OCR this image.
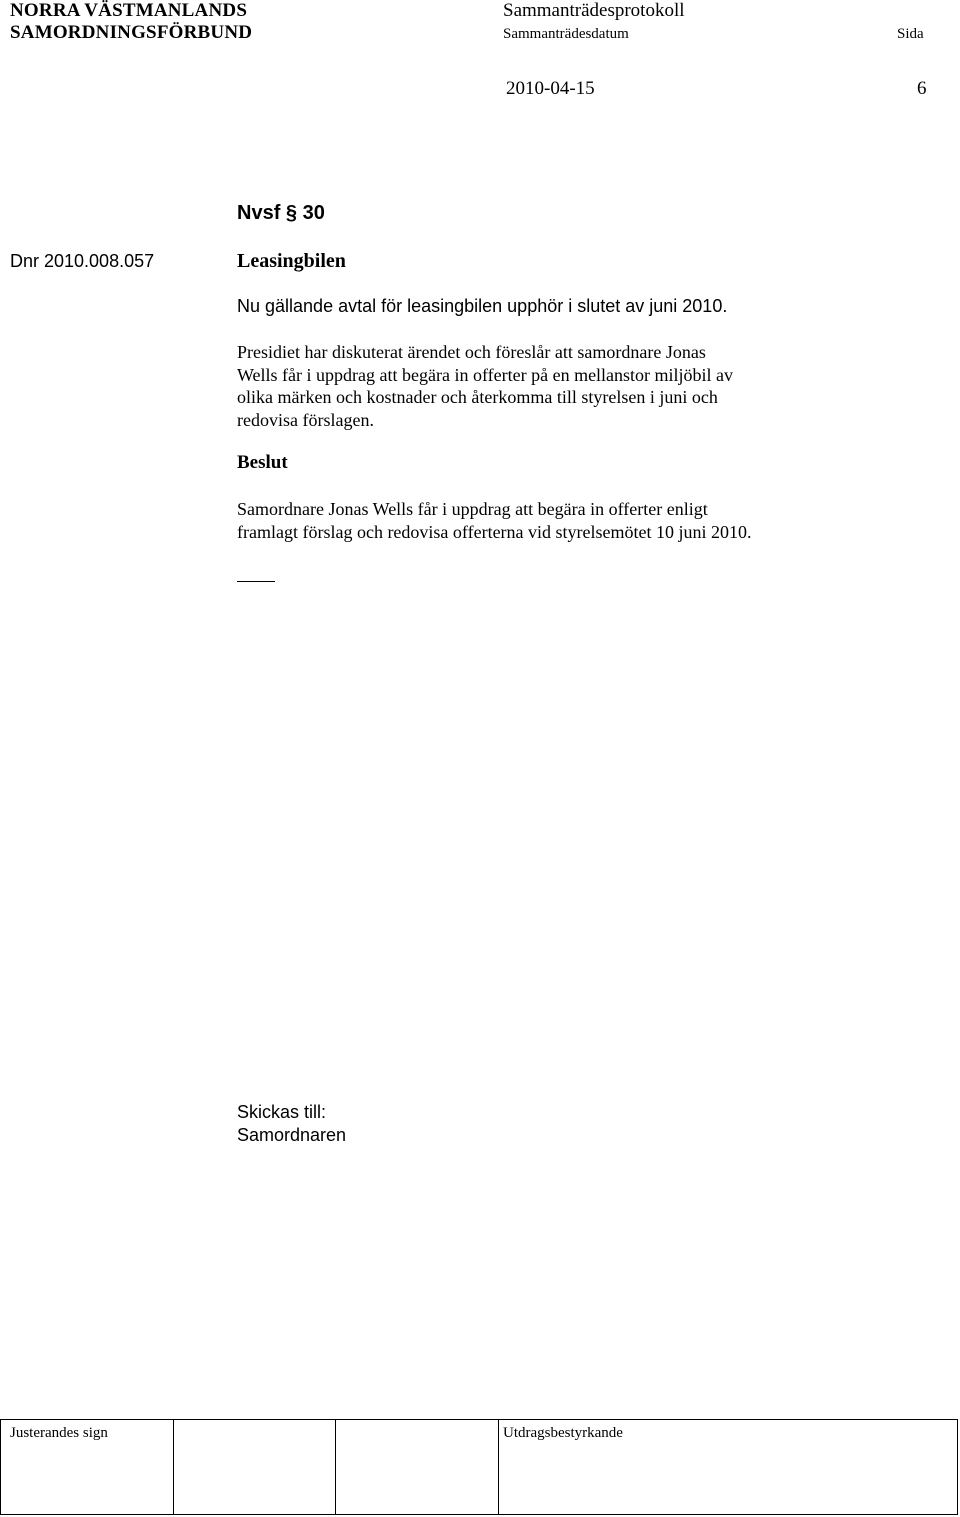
NORRA VÄSTMANLANDS
SAMORDNINGSFÖRBUND
Sammanträdesprotokoll
Sammanträdesdatum	Sida
2010-04-15	6
Nvsf § 30
Dnr 2010.008.057	Leasingbilen
Nu gällande avtal för leasingbilen upphör i slutet av juni 2010.
Presidiet har diskuterat ärendet och föreslår att samordnare Jonas
Wells får i uppdrag att begära in offerter på en mellanstor miljöbil av
olika märken och kostnader och återkomma till styrelsen i juni och
redovisa förslagen.
Beslut
Samordnare Jonas Wells får i uppdrag att begära in offerter enligt
framlagt förslag och redovisa offerterna vid styrelsemötet 10 juni 2010.
Skickas till:
Samordnaren
Justerandes sign	Utdragsbestyrkande
